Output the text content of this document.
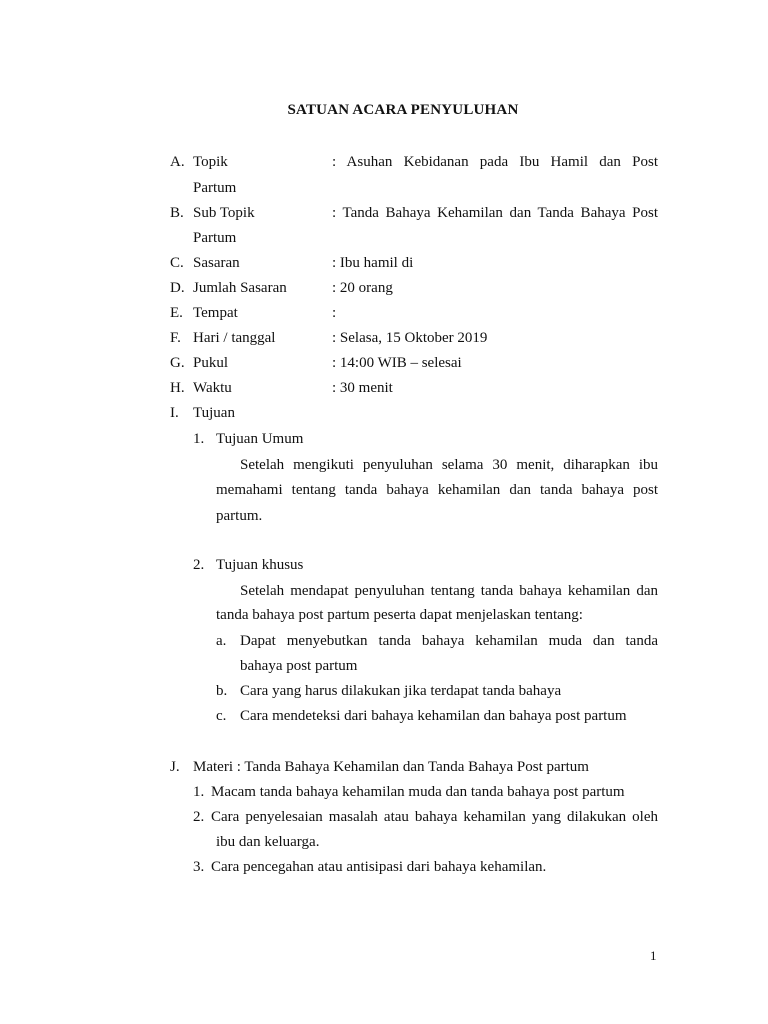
SATUAN ACARA PENYULUHAN
A. Topik	: Asuhan Kebidanan pada Ibu Hamil dan Post
Partum
B. Sub Topik	: Tanda Bahaya Kehamilan dan Tanda Bahaya Post
Partum
C. Sasaran	: Ibu hamil di
D. Jumlah Sasaran	: 20 orang
E. Tempat	:
F. Hari / tanggal	: Selasa, 15 Oktober 2019
G. Pukul	: 14:00 WIB – selesai
H. Waktu	: 30 menit
I. Tujuan
1. Tujuan Umum
Setelah mengikuti penyuluhan selama 30 menit, diharapkan ibu
memahami tentang tanda bahaya kehamilan dan tanda bahaya post
partum.
2. Tujuan khusus
Setelah mendapat penyuluhan tentang tanda bahaya kehamilan dan
tanda bahaya post partum peserta dapat menjelaskan tentang:
a. Dapat menyebutkan tanda bahaya kehamilan muda dan tanda
bahaya post partum
b. Cara yang harus dilakukan jika terdapat tanda bahaya
c. Cara mendeteksi dari bahaya kehamilan dan bahaya post partum
J. Materi : Tanda Bahaya Kehamilan dan Tanda Bahaya Post partum
1. Macam tanda bahaya kehamilan muda dan tanda bahaya post partum
2. Cara penyelesaian masalah atau bahaya kehamilan yang dilakukan oleh
ibu dan keluarga.
3. Cara pencegahan atau antisipasi dari bahaya kehamilan.
1
